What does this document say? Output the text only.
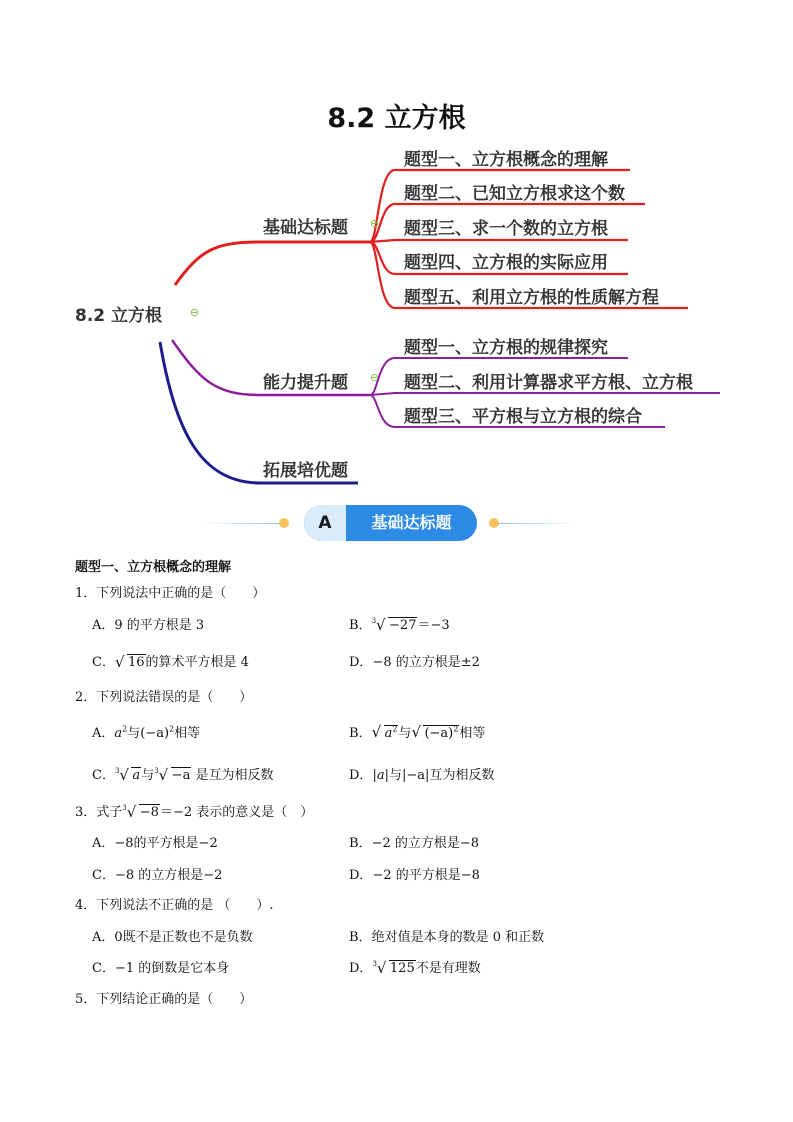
8.2 立方根
8.2 立方根	⊖
基础达标题 ⊖
题型一、立方根概念的理解
题型二、已知立方根求这个数
题型三、求一个数的立方根
题型四、立方根的实际应用
题型五、利用立方根的性质解方程
能力提升题 ⊖
题型一、立方根的规律探究
题型二、利用计算器求平方根、立方根
题型三、平方根与立方根的综合
拓展培优题
A	基础达标题
题型一、立方根概念的理解
1．下列说法中正确的是（　　）
A．9 的平方根是 3	B．$^3$ √ −27＝−3
C． √ 16的算术平方根是 4	D．−8 的立方根是±2
2．下列说法错误的是（　　）
A．$a^2$与$(-a)^2$相等	B． √ $a^2$与 √ $(-a)^2$相等
C．$^3$ √ a与$^3$ √ −a 是互为相反数	D．|a|与|−a|互为相反数
3．式子$^3$ √ −8＝−2 表示的意义是（　）
A．−8的平方根是−2	B．−2 的立方根是−8
C．−8 的立方根是−2	D．−2 的平方根是−8
4．下列说法不正确的是 （　　）.
A．0既不是正数也不是负数	B．绝对值是本身的数是 0 和正数
C．−1 的倒数是它本身	D．$^3$ √ 125不是有理数
5．下列结论正确的是（　　）
